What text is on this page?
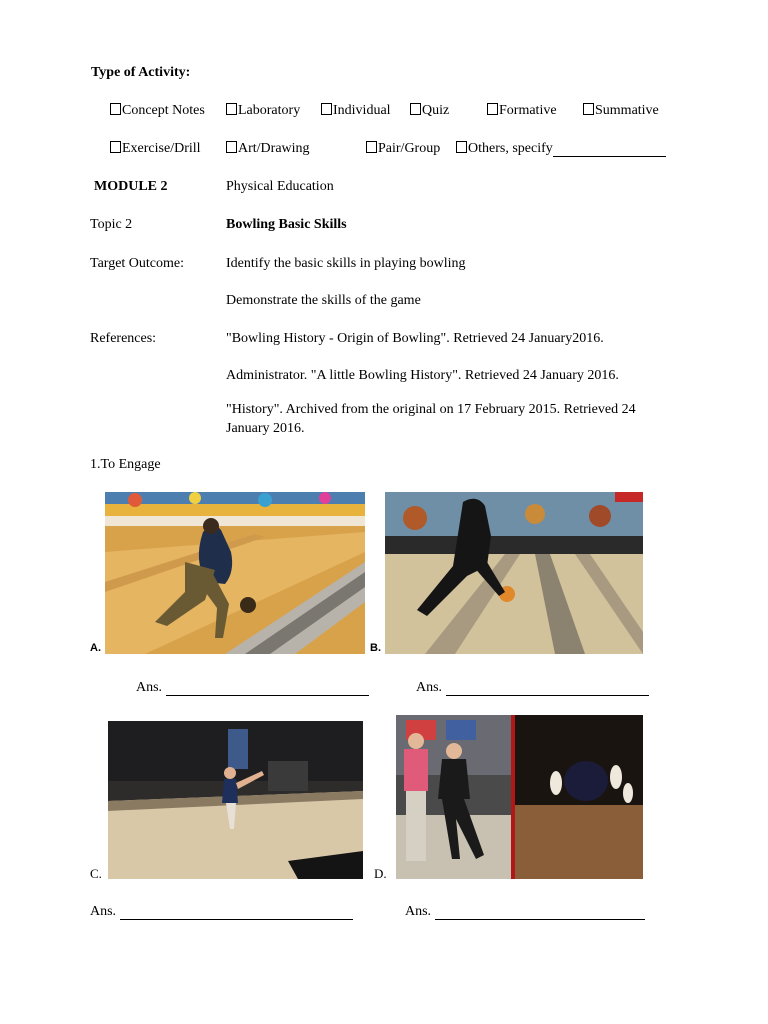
Type of Activity:
Concept Notes	Laboratory	Individual	Quiz	Formative	Summative
Exercise/Drill	Art/Drawing	Pair/Group	Others, specify
MODULE 2	Physical Education
Topic 2	Bowling Basic Skills
Target Outcome:	Identify the basic skills in playing bowling
Demonstrate the skills of the game
References:	"Bowling History - Origin of Bowling". Retrieved 24 January2016.
Administrator. "A little Bowling History". Retrieved 24 January 2016.
"History". Archived from the original on 17 February 2015. Retrieved 24
January 2016.
1.To Engage
A.	B.
Ans.	Ans.
C.	D.
Ans.	Ans.
